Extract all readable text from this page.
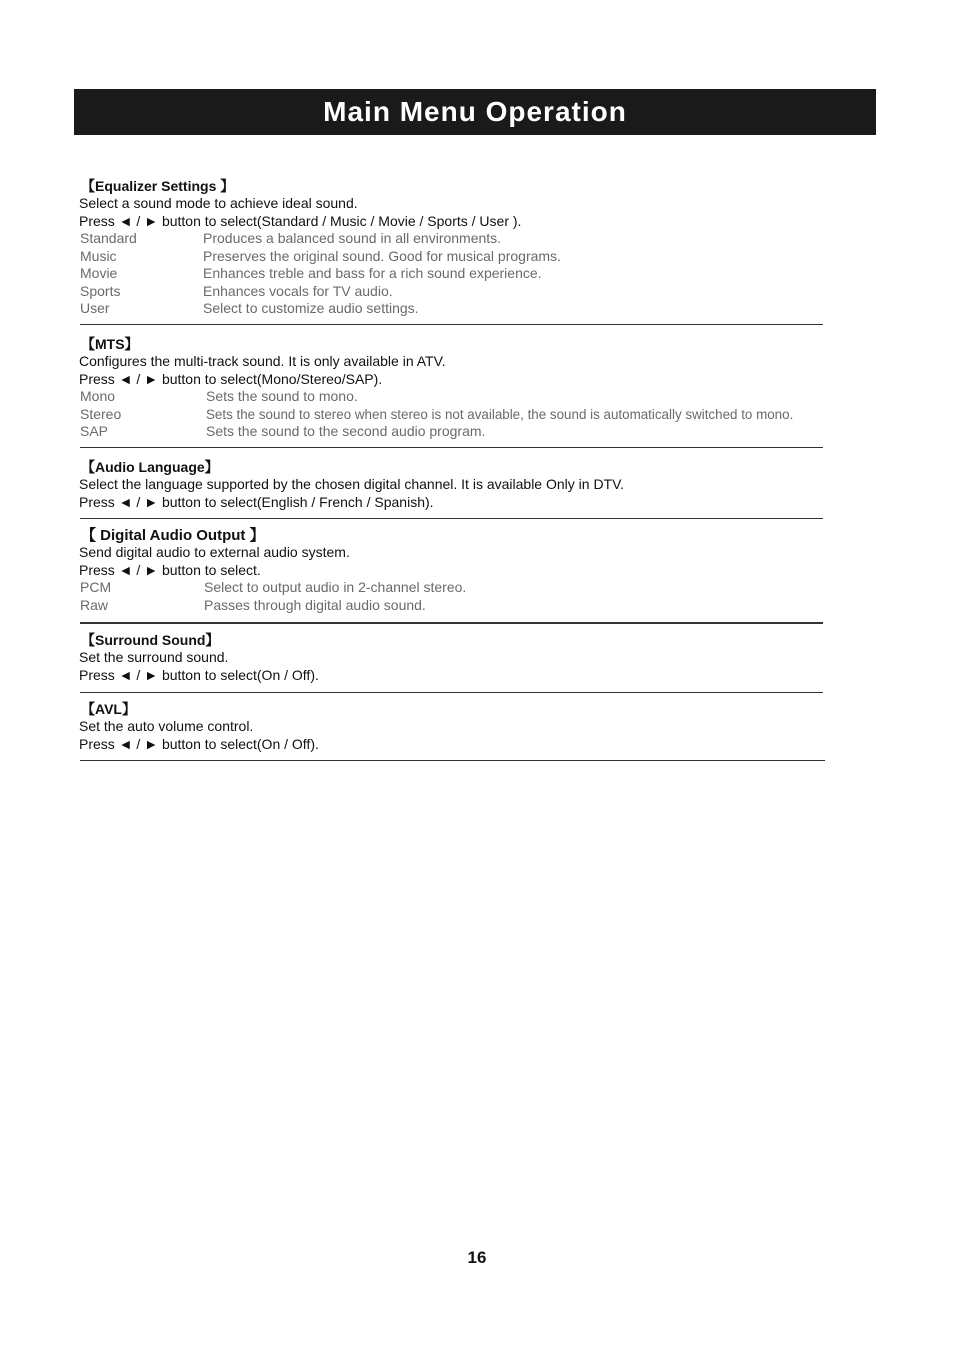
Main Menu Operation
【Equalizer Settings 】
Select a sound mode to achieve ideal sound.
Press ◄ / ► button to select(Standard / Music / Movie / Sports / User ).
Standard	Produces a balanced sound in all environments.
Music	Preserves the original sound. Good for musical programs.
Movie	Enhances treble and bass for a rich sound experience.
Sports	Enhances vocals for TV audio.
User	Select to customize audio settings.
【MTS】
Configures the multi-track sound. It is only available in ATV.
Press ◄ / ► button to select(Mono/Stereo/SAP).
Mono	Sets the sound to mono.
Stereo	Sets the sound to stereo when stereo is not available, the sound is automatically switched to mono.
SAP	Sets the sound to the second audio program.
【Audio Language】
Select the language supported by the chosen digital channel. It is available Only in DTV.
Press ◄ / ► button to select(English / French / Spanish).
【 Digital Audio Output 】
Send digital audio to external audio system.
Press ◄ / ► button to select.
PCM	Select to output audio in 2-channel stereo.
Raw	Passes through digital audio sound.
【Surround Sound】
Set the surround sound.
Press ◄ / ► button to select(On / Off).
【AVL】
Set the auto volume control.
Press ◄ / ► button to select(On / Off).
16
